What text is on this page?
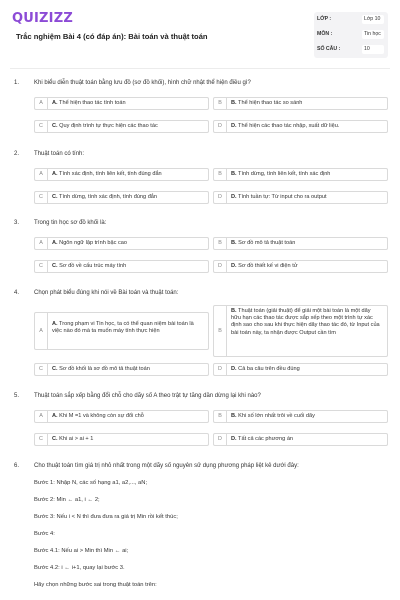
QUIZIZZ
Trắc nghiệm Bài 4 (có đáp án): Bài toán và thuật toán
LỚP :	Lớp 10
MÔN :	Tin học
SỐ CÂU :	10
1. Khi biểu diễn thuật toán bằng lưu đồ (sơ đồ khối), hình chữ nhật thể hiện điều gì?
A	A. Thể hiện thao tác tính toán	B	B. Thể hiện thao tác so sánh
C	C. Quy định trình tự thực hiện các thao tác	D	D. Thể hiện các thao tác nhập, xuất dữ liệu.
2. Thuật toán có tính:
A	A. Tính xác định, tính liên kết, tính đúng đắn	B	B. Tính dừng, tính liên kết, tính xác định
C	C. Tính dừng, tính xác định, tính đúng đắn	D	D. Tính tuần tự: Từ input cho ra output
3. Trong tin học sơ đồ khối là:
A	A. Ngôn ngữ lập trình bậc cao	B	B. Sơ đồ mô tả thuật toán
C	C. Sơ đồ về cấu trúc máy tính	D	D. Sơ đồ thiết kế vi điện tử
4. Chọn phát biểu đúng khi nói về Bài toán và thuật toán:
A
A. Trong phạm vi Tin học, ta có thể quan niệm bài toán là việc nào đó mà ta muốn máy tính thực hiện	B
B. Thuật toán (giải thuật) để giải một bài toán là một dãy hữu hạn các thao tác được sắp xếp theo một trình tự xác định sao cho sau khi thực hiện dãy thao tác đó, từ Input của bài toán này, ta nhận được Output cần tìm
C	C. Sơ đồ khối là sơ đồ mô tả thuật toán	D	D. Cả ba câu trên đều đúng
5. Thuật toán sắp xếp bằng đổi chỗ cho dãy số A theo trật tự tăng dần dừng lại khi nào?
A	A. Khi M =1 và không còn sự đổi chỗ	B	B. Khi số lớn nhất trôi về cuối dãy
C	C. Khi ai > ai + 1	D	D. Tất cả các phương án
6. Cho thuật toán tìm giá trị nhỏ nhất trong một dãy số nguyên sử dụng phương pháp liệt kê dưới đây:
Bước 1: Nhập N, các số hạng a1, a2,..., aN;
Bước 2: Min ← a1, i ← 2;
Bước 3: Nếu i < N thì đưa đưa ra giá trị Min rồi kết thúc;
Bước 4:
Bước 4.1: Nếu ai > Min thì Min ← ai;
Bước 4.2: i ← i+1, quay lại bước 3.
Hãy chọn những bước sai trong thuật toán trên:
